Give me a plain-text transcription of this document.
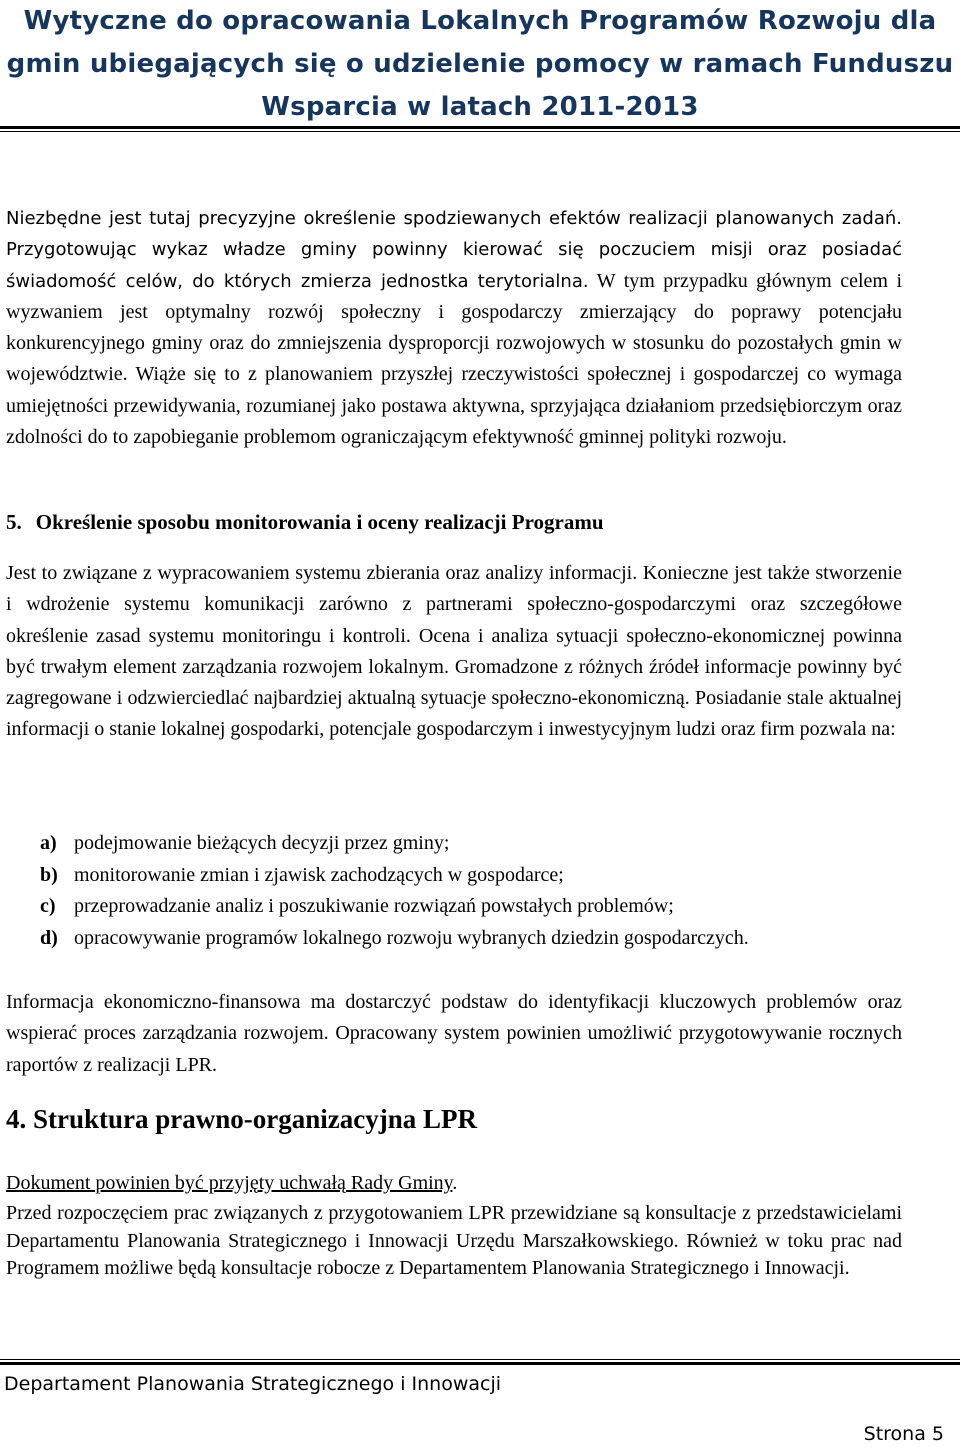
Wytyczne do opracowania Lokalnych Programów Rozwoju dla
gmin ubiegających się o udzielenie pomocy w ramach Funduszu
Wsparcia w latach 2011-2013

Niezbędne jest tutaj precyzyjne określenie spodziewanych efektów realizacji planowanych zadań. Przygotowując wykaz władze gminy powinny kierować się poczuciem misji oraz posiadać świadomość celów, do których zmierza jednostka terytorialna. W tym przypadku głównym celem i wyzwaniem jest optymalny rozwój społeczny i gospodarczy zmierzający do poprawy potencjału konkurencyjnego gminy oraz do zmniejszenia dysproporcji rozwojowych w stosunku do pozostałych gmin w województwie. Wiąże się to z planowaniem przyszłej rzeczywistości społecznej i gospodarczej co wymaga umiejętności przewidywania, rozumianej jako postawa aktywna, sprzyjająca działaniom przedsiębiorczym oraz zdolności do to zapobieganie problemom ograniczającym efektywność gminnej polityki rozwoju.

5. Określenie sposobu monitorowania i oceny realizacji Programu

Jest to związane z wypracowaniem systemu zbierania oraz analizy informacji. Konieczne jest także stworzenie i wdrożenie systemu komunikacji zarówno z partnerami społeczno-gospodarczymi oraz szczegółowe określenie zasad systemu monitoringu i kontroli. Ocena i analiza sytuacji społeczno-ekonomicznej powinna być trwałym element zarządzania rozwojem lokalnym. Gromadzone z różnych źródeł informacje powinny być zagregowane i odzwierciedlać najbardziej aktualną sytuacje społeczno-ekonomiczną. Posiadanie stale aktualnej informacji o stanie lokalnej gospodarki, potencjale gospodarczym i inwestycyjnym ludzi oraz firm pozwala na:

a) podejmowanie bieżących decyzji przez gminy;
b) monitorowanie zmian i zjawisk zachodzących w gospodarce;
c) przeprowadzanie analiz i poszukiwanie rozwiązań powstałych problemów;
d) opracowywanie programów lokalnego rozwoju wybranych dziedzin gospodarczych.

Informacja ekonomiczno-finansowa ma dostarczyć podstaw do identyfikacji kluczowych problemów oraz wspierać proces zarządzania rozwojem. Opracowany system powinien umożliwić przygotowywanie rocznych raportów z realizacji LPR.

4. Struktura prawno-organizacyjna LPR

Dokument powinien być przyjęty uchwałą Rady Gminy.

Przed rozpoczęciem prac związanych z przygotowaniem LPR przewidziane są konsultacje z przedstawicielami Departamentu Planowania Strategicznego i Innowacji Urzędu Marszałkowskiego. Również w toku prac nad Programem możliwe będą konsultacje robocze z Departamentem Planowania Strategicznego i Innowacji.

Departament Planowania Strategicznego i Innowacji

Strona 5
